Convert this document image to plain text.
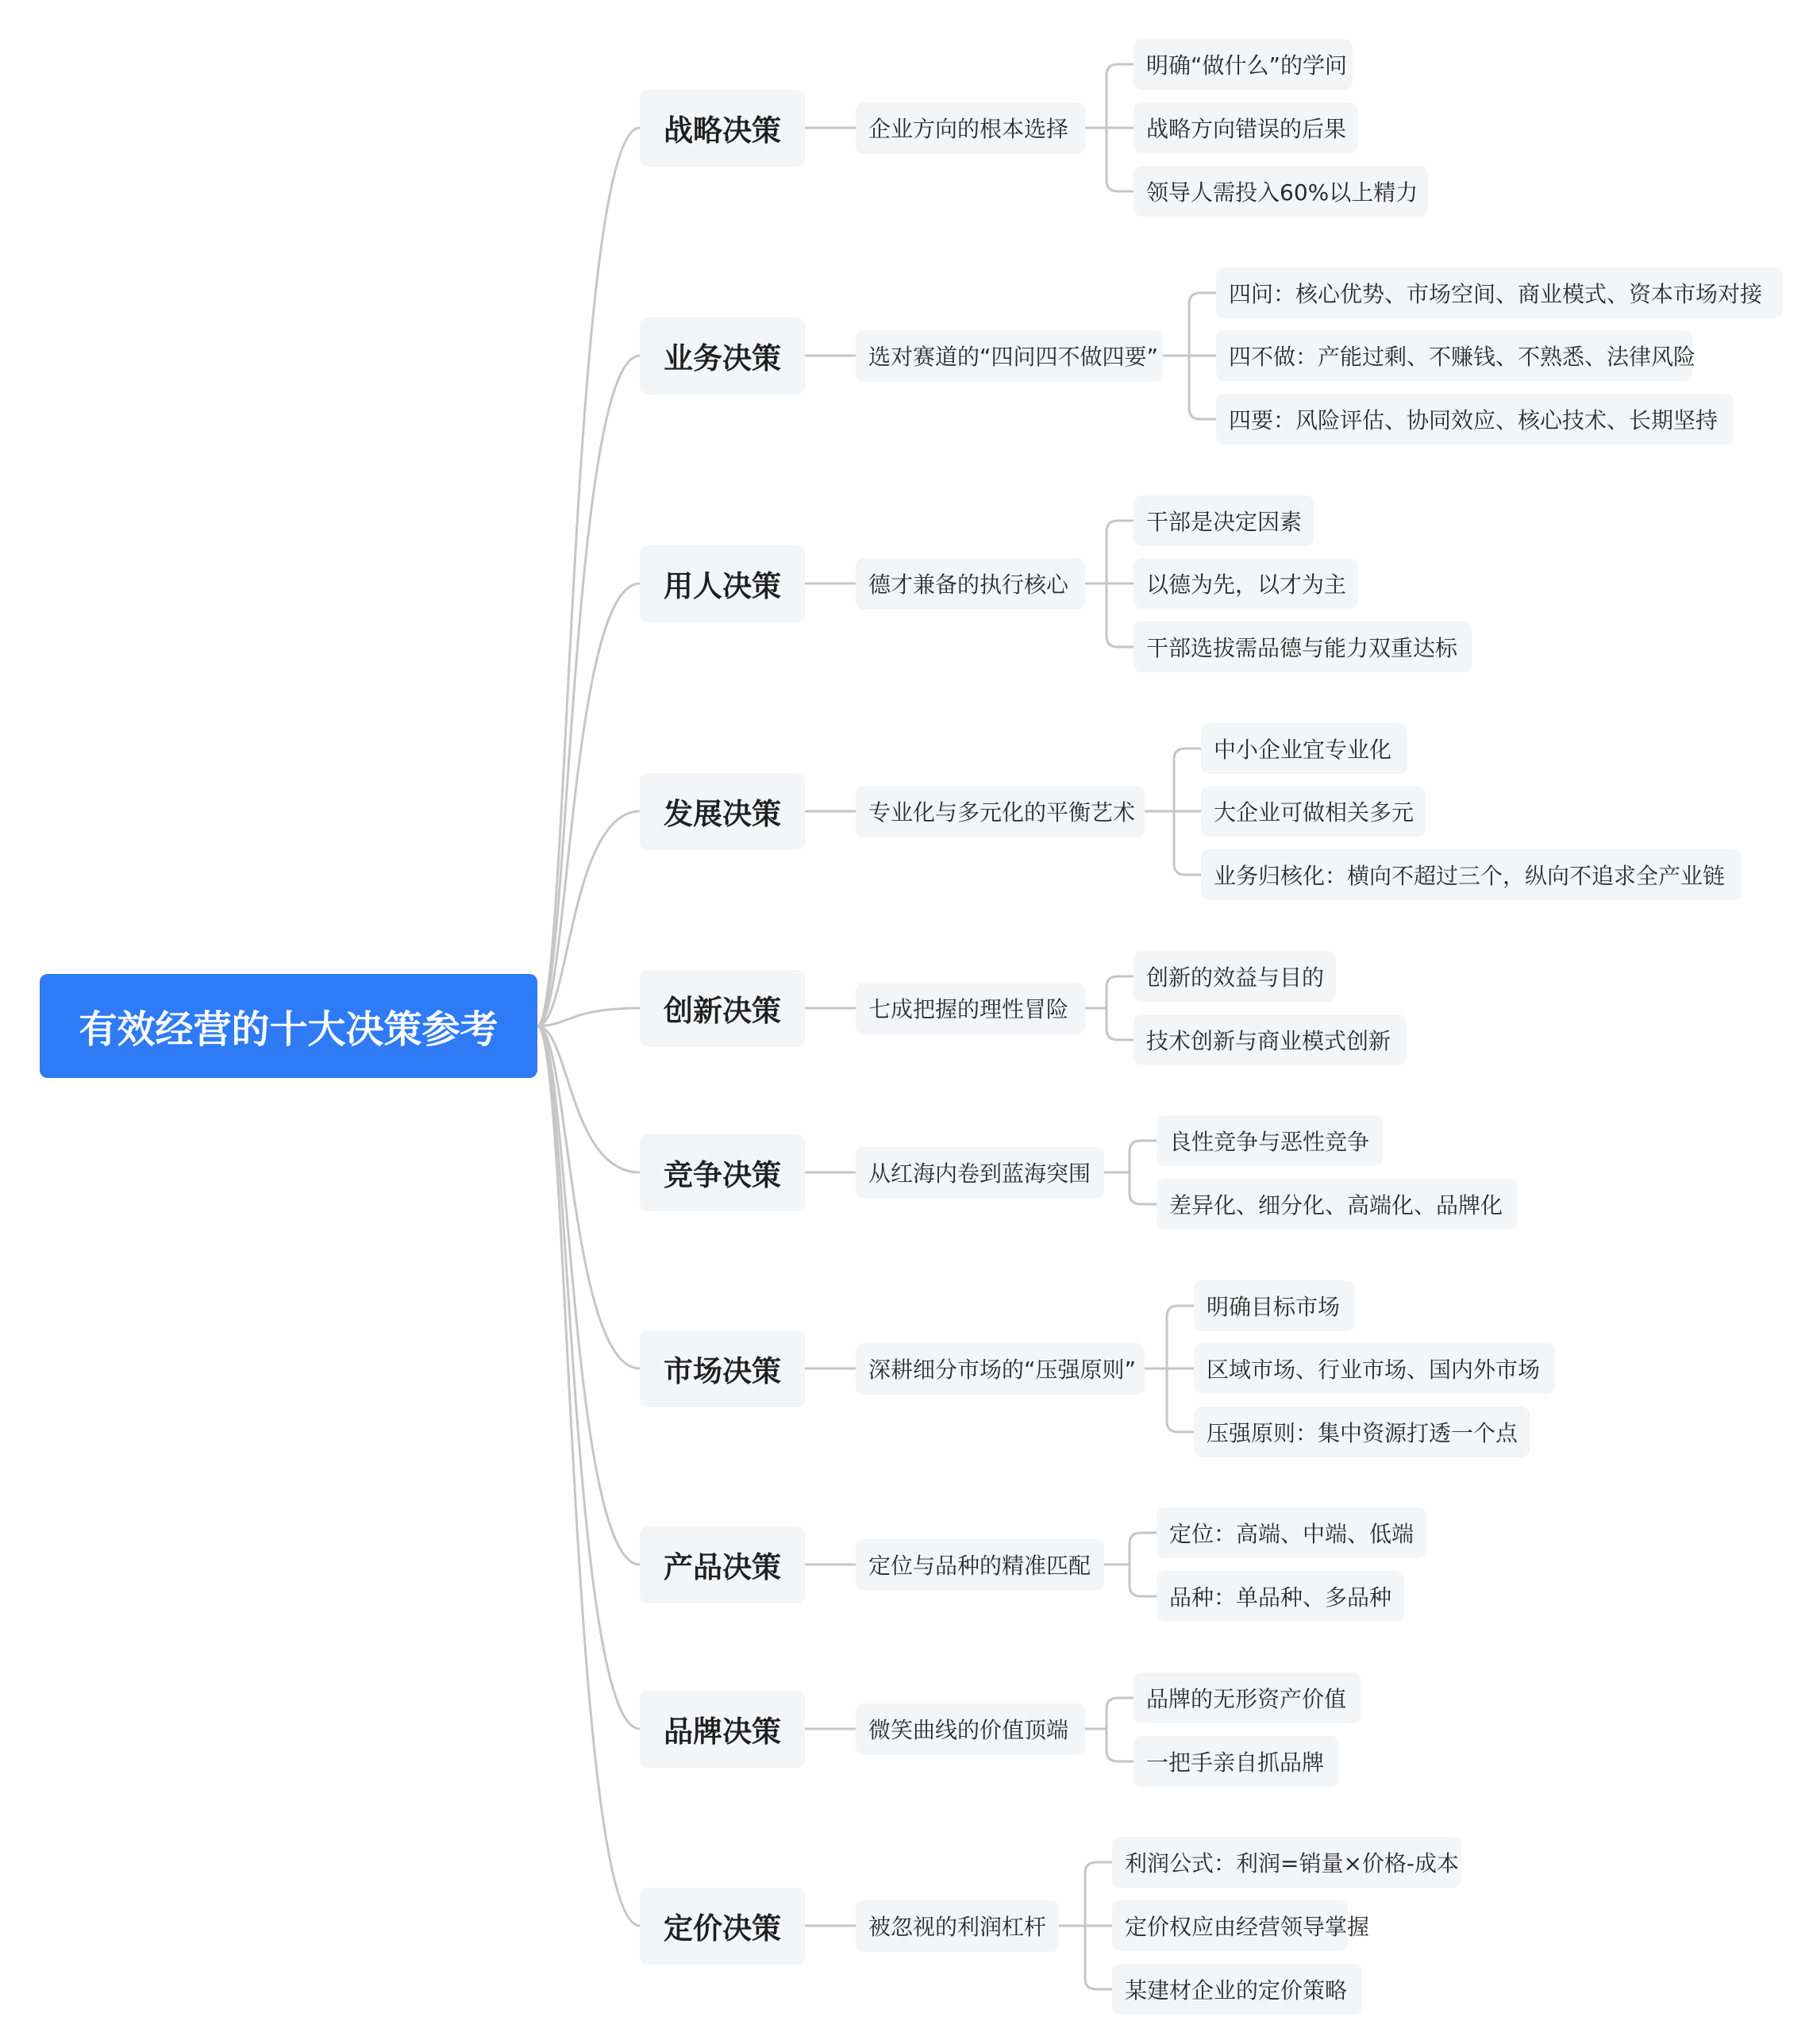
有效经营的十大决策参考
战略决策	企业方向的根本选择
明确“做什么”的学问
战略方向错误的后果
领导人需投入60%以上精力
业务决策	选对赛道的“四问四不做四要”
四问：核心优势、市场空间、商业模式、资本市场对接
四不做：产能过剩、不赚钱、不熟悉、法律风险
四要：风险评估、协同效应、核心技术、长期坚持
用人决策	德才兼备的执行核心
干部是决定因素
以德为先，以才为主
干部选拔需品德与能力双重达标
发展决策	专业化与多元化的平衡艺术
中小企业宜专业化
大企业可做相关多元
业务归核化：横向不超过三个，纵向不追求全产业链
创新决策	七成把握的理性冒险
创新的效益与目的
技术创新与商业模式创新
竞争决策	从红海内卷到蓝海突围
良性竞争与恶性竞争
差异化、细分化、高端化、品牌化
市场决策	深耕细分市场的“压强原则”
明确目标市场
区域市场、行业市场、国内外市场
压强原则：集中资源打透一个点
产品决策	定位与品种的精准匹配
定位：高端、中端、低端
品种：单品种、多品种
品牌决策	微笑曲线的价值顶端
品牌的无形资产价值
一把手亲自抓品牌
定价决策	被忽视的利润杠杆
利润公式：利润=销量×价格-成本
定价权应由经营领导掌握
某建材企业的定价策略
